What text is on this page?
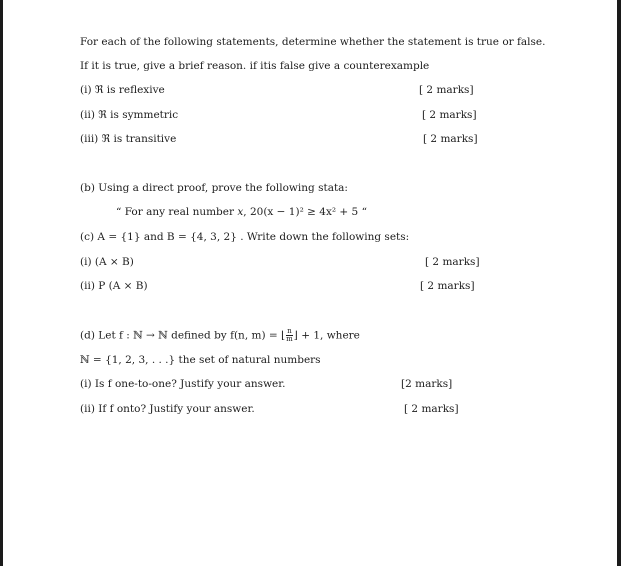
For each of the following statements, determine whether the statement is true or false.
If it is true, give a brief reason. if itis false give a counterexample
(i) ℜ is reflexive	[ 2 marks]
(ii) ℜ is symmetric	[ 2 marks]
(iii) ℜ is transitive	[ 2 marks]
(b) Using a direct proof, prove the following stata:
“ For any real number x, 20(x − 1)² ≥ 4x² + 5 “
(c) A = {1} and B = {4, 3, 2} . Write down the following sets:
(i) (A × B)	[ 2 marks]
(ii) P (A × B)	[ 2 marks]
(d) Let f : ℕ → ℕ defined by f(n, m) = ⌊ $\frac{n}{m}$ ⌋ + 1, where
ℕ = {1, 2, 3, . . .} the set of natural numbers
(i) Is f one-to-one? Justify your answer.	[2 marks]
(ii) If f onto? Justify your answer.	[ 2 marks]
